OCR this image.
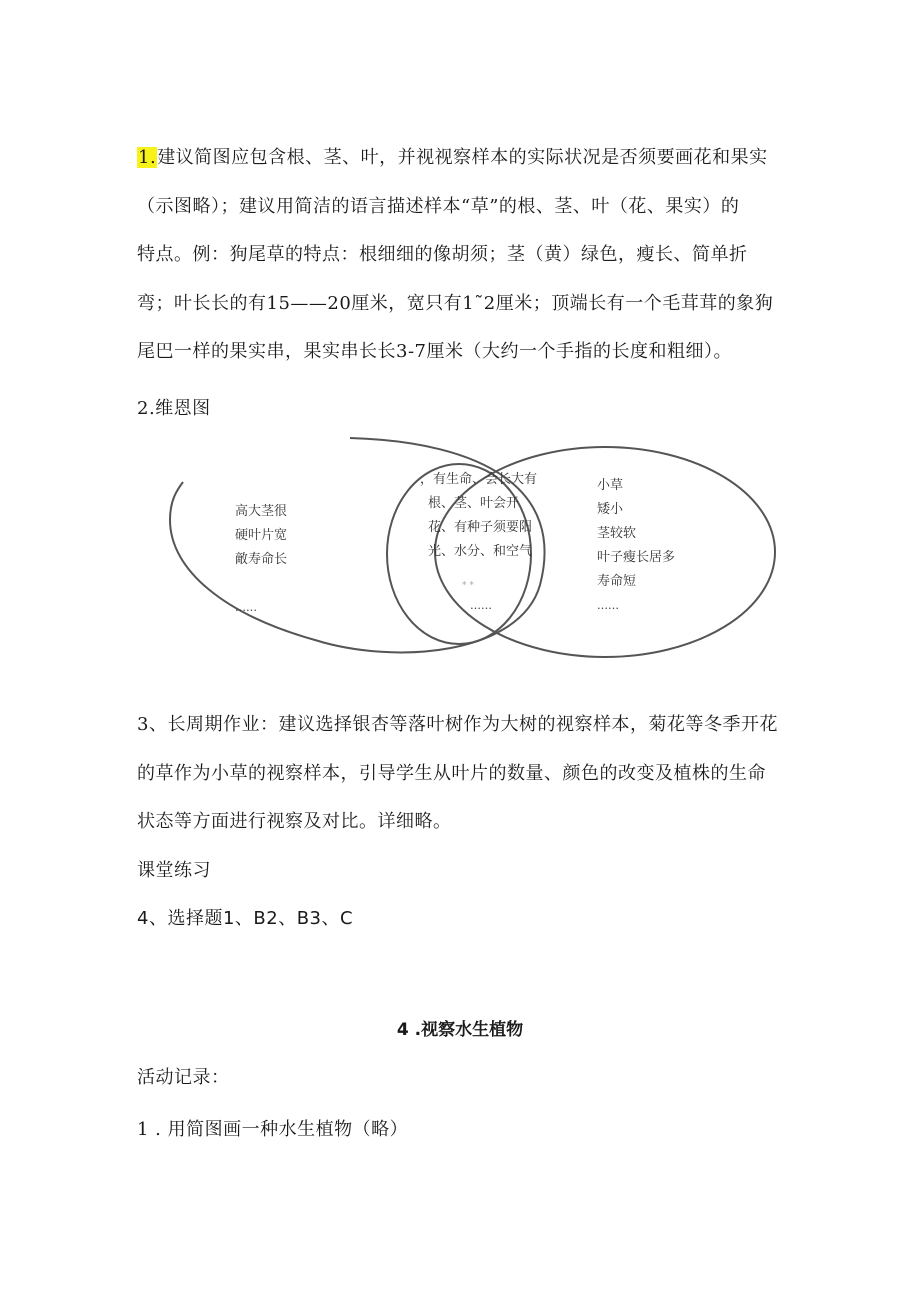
1.建议简图应包含根、茎、叶，并视视察样本的实际状况是否须要画花和果实
（示图略）；建议用简洁的语言描述样本“草”的根、茎、叶（花、果实）的
特点。例：狗尾草的特点：根细细的像胡须；茎（黄）绿色，瘦长、简单折
弯；叶长长的有15——20厘米，宽只有1˜2厘米；顶端长有一个毛茸茸的象狗
尾巴一样的果实串，果实串长长3-7厘米（大约一个手指的长度和粗细）。
2.维恩图
高大茎很
硬叶片宽
敵寿命长
……
，有生命、会长大有
根、茎、叶会开
花、有种子须要阳
光、水分、和空气
* *
……
小草
矮小
茎较软
叶子瘦长居多
寿命短
……
3、长周期作业：建议选择银杏等落叶树作为大树的视察样本，菊花等冬季开花
的草作为小草的视察样本，引导学生从叶片的数量、颜色的改变及植株的生命
状态等方面进行视察及对比。详细略。
课堂练习
4、选择题1、B2、B3、C
4 .视察水生植物
活动记录：
1 . 用简图画一种水生植物（略）
